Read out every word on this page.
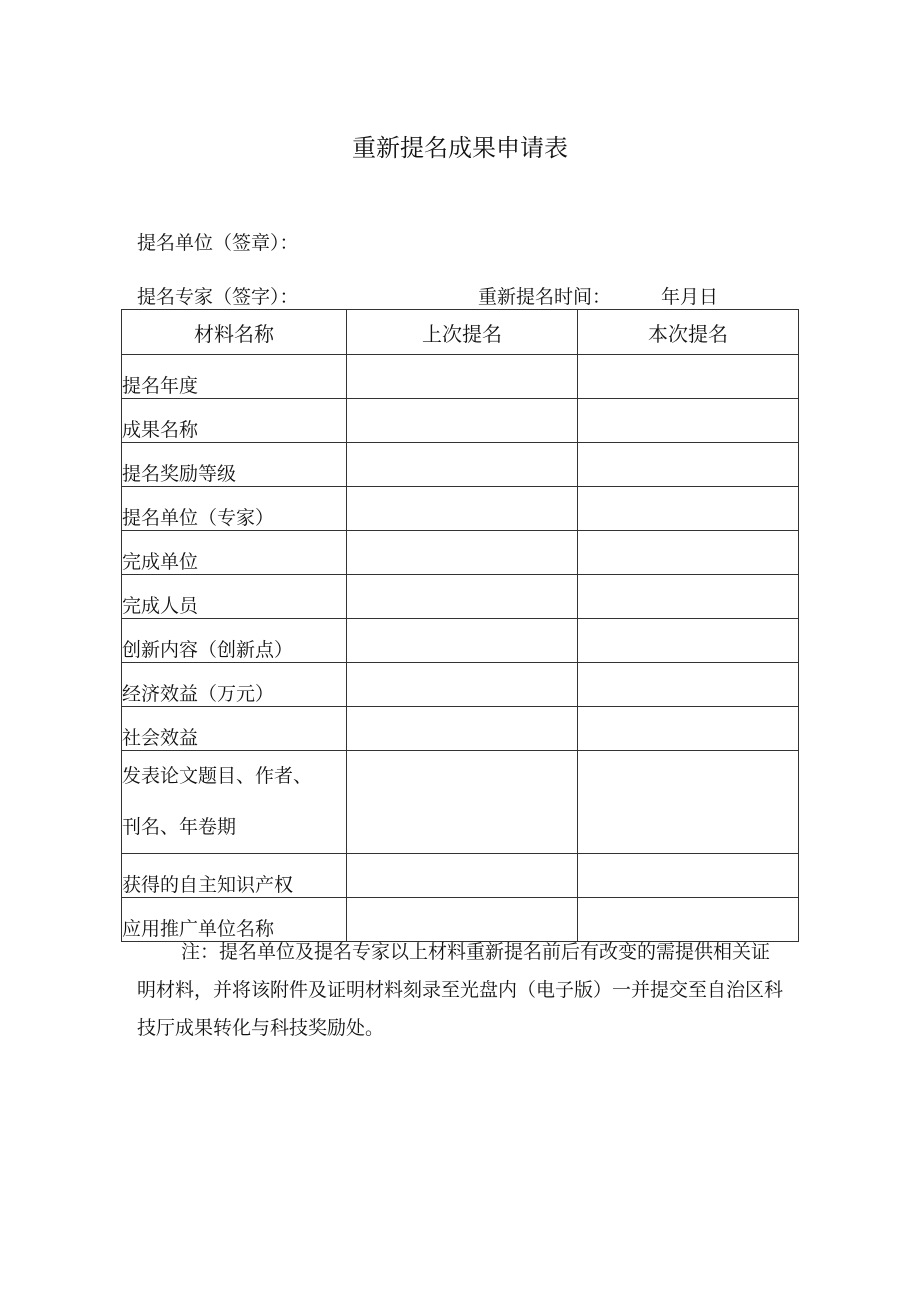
重新提名成果申请表
提名单位（签章）：
提名专家（签字）：	重新提名时间：	年月日
材料名称	上次提名	本次提名
提名年度		
成果名称		
提名奖励等级		
提名单位（专家）		
完成单位		
完成人员		
创新内容（创新点）		
经济效益（万元）		
社会效益		

发表论文题目、作者、
刊名、年卷期		

获得的自主知识产权		
应用推广单位名称		
注：提名单位及提名专家以上材料重新提名前后有改变的需提供相关证明材料，并将该附件及证明材料刻录至光盘内（电子版）一并提交至自治区科技厅成果转化与科技奖励处。
